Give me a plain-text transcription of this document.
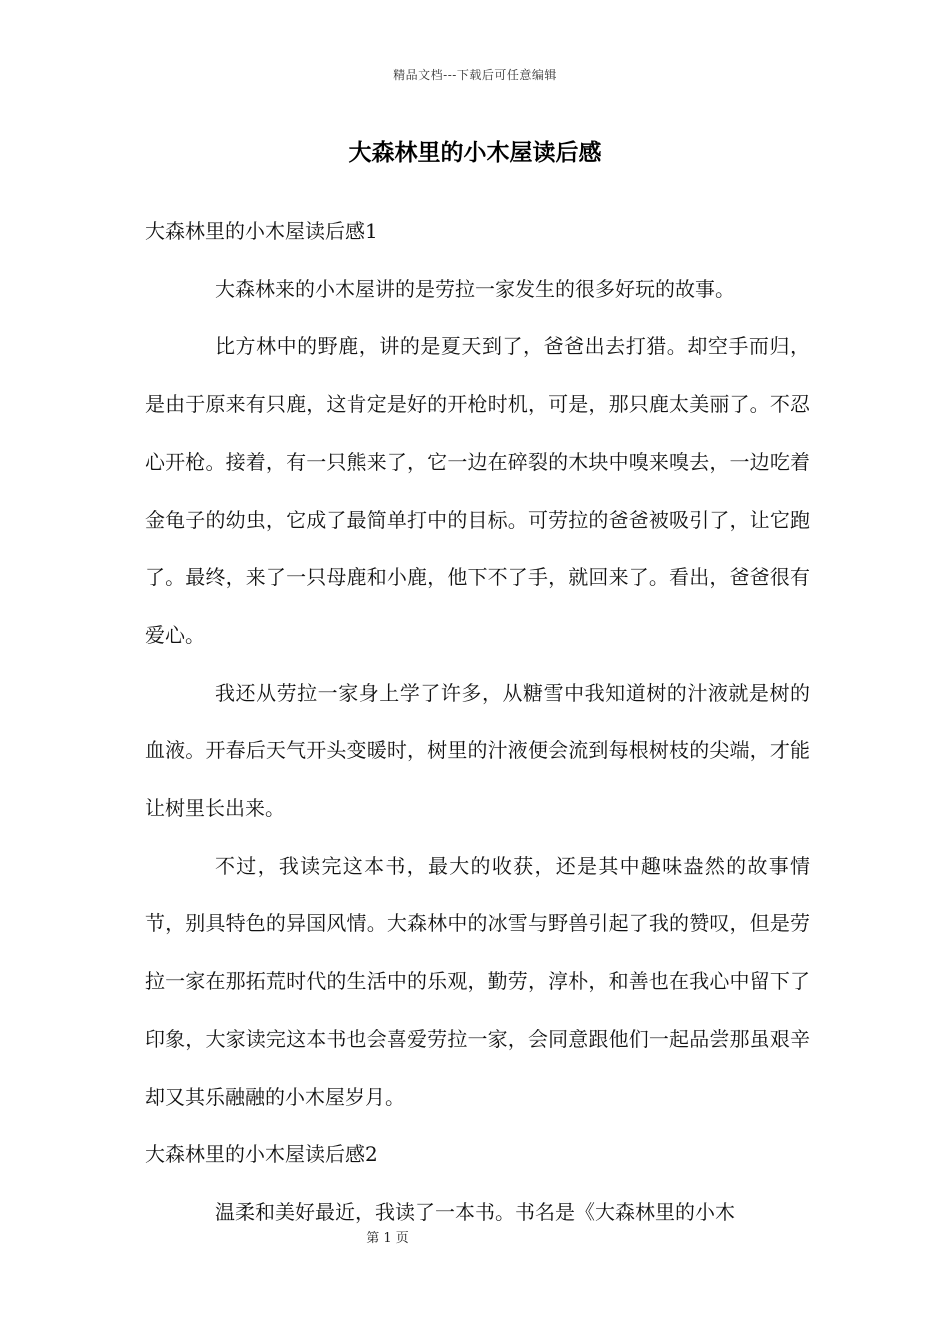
精品文档---下载后可任意编辑
大森林里的小木屋读后感

大森林里的小木屋读后感1

大森林来的小木屋讲的是劳拉一家发生的很多好玩的故事。

比方林中的野鹿，讲的是夏天到了，爸爸出去打猎。却空手而归，是由于原来有只鹿，这肯定是好的开枪时机，可是，那只鹿太美丽了。不忍心开枪。接着，有一只熊来了，它一边在碎裂的木块中嗅来嗅去，一边吃着金龟子的幼虫，它成了最简单打中的目标。可劳拉的爸爸被吸引了，让它跑了。最终，来了一只母鹿和小鹿，他下不了手，就回来了。看出，爸爸很有爱心。

我还从劳拉一家身上学了许多，从糖雪中我知道树的汁液就是树的血液。开春后天气开头变暖时，树里的汁液便会流到每根树枝的尖端，才能让树里长出来。

不过，我读完这本书，最大的收获，还是其中趣味盎然的故事情节，别具特色的异国风情。大森林中的冰雪与野兽引起了我的赞叹，但是劳拉一家在那拓荒时代的生活中的乐观，勤劳，淳朴，和善也在我心中留下了印象，大家读完这本书也会喜爱劳拉一家，会同意跟他们一起品尝那虽艰辛却又其乐融融的小木屋岁月。

大森林里的小木屋读后感2

温柔和美好最近，我读了一本书。书名是《大森林里的小木

第 1 页
